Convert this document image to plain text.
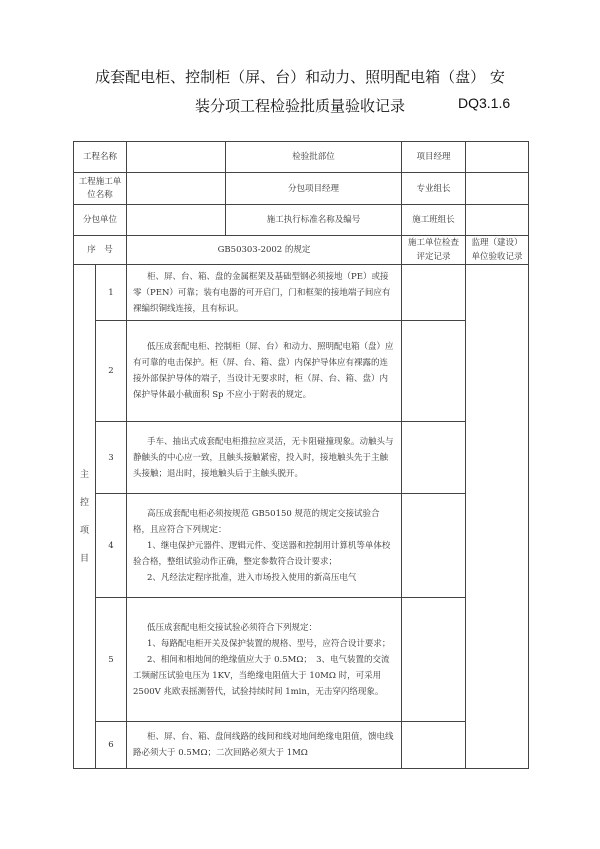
成套配电柜、控制柜（屏、台）和动力、照明配电箱（盘） 安
装分项工程检验批质量验收记录	DQ3.1.6
工程名称			检验批部位	项目经理	
工程施工单位名称			分包项目经理	专业组长	
分包单位			施工执行标准名称及编号	施工班组长	
序　号		GB50303-2002 的规定		施工单位检查评定记录	监理（建设）单位验收记录
主控项目	1	柜、屏、台、箱、盘的金属框架及基础型钢必须接地（PE）或接零（PEN）可靠；装有电器的可开启门，门和框架的接地端子间应有裸编织铜线连接，且有标识。			

	2	低压成套配电柜、控制柜（屏、台）和动力、照明配电箱（盘）应有可靠的电击保护。柜（屏、台、箱、盘）内保护导体应有裸露的连接外部保护导体的端子，当设计无要求时，柜（屏、台、箱、盘）内保护导体最小截面积 Sp 不应小于附表的规定。			

	3	手车、抽出式成套配电柜推拉应灵活，无卡阻碰撞现象。动触头与静触头的中心应一致，且触头接触紧密，投入时，接地触头先于主触头接触；退出时，接地触头后于主触头脱开。			

	4	高压成套配电柜必须按规范 GB50150 规范的规定交接试验合格，且应符合下列规定：

1、继电保护元器件、逻辑元件、变送器和控制用计算机等单体校验合格，整组试验动作正确，整定参数符合设计要求；

2、凡经法定程序批准，进入市场投入使用的新高压电气			

	5	低压成套配电柜交接试验必须符合下列规定：

1、每路配电柜开关及保护装置的规格、型号，应符合设计要求；

2、相间和相地间的绝缘值应大于 0.5MΩ；　3、电气装置的交流工频耐压试验电压为 1KV，当绝缘电阻值大于 10MΩ 时，可采用 2500V 兆欧表摇测替代，试验持续时间 1min，无击穿闪络现象。			

	6	柜、屏、台、箱、盘间线路的线间和线对地间绝缘电阻值，馈电线路必须大于 0.5MΩ；二次回路必须大于 1MΩ			
